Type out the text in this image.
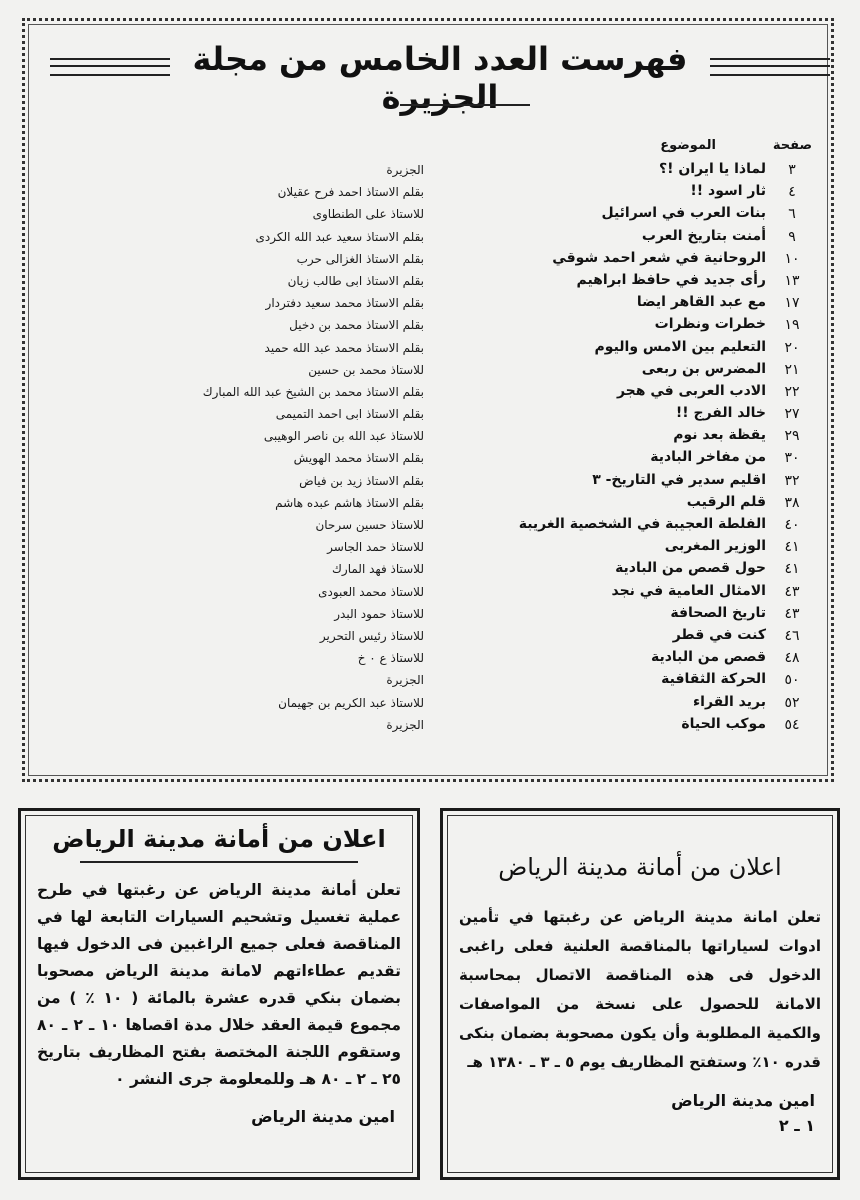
فهرست العدد الخامس من مجلة الجزيرة
صفحة
الموضوع
٣
لماذا يا ايران !؟
الجزيرة
٤
ثار اسود !!
بقلم الاستاذ احمد فرح عقيلان
٦
بنات العرب في اسرائيل
للاستاذ على الطنطاوى
٩
أمنت بتاريخ العرب
بقلم الاستاذ سعيد عبد الله الكردى
١٠
الروحانية في شعر احمد شوقي
بقلم الاستاذ الغزالى حرب
١٣
رأى جديد في حافظ ابراهيم
بقلم الاستاذ ابى طالب زيان
١٧
مع عبد القاهر ايضا
بقلم الاستاذ محمد سعيد دفتردار
١٩
خطرات ونظرات
بقلم الاستاذ محمد بن دخيل
٢٠
التعليم بين الامس واليوم
بقلم الاستاذ محمد عبد الله حميد
٢١
المضرس بن ربعى
للاستاذ محمد بن حسين
٢٢
الادب العربى في هجر
بقلم الاستاذ محمد بن الشيخ عبد الله المبارك
٢٧
خالد الفرج !!
بقلم الاستاذ ابى احمد التميمى
٢٩
يقظة بعد نوم
للاستاذ عبد الله بن ناصر الوهيبى
٣٠
من مفاخر البادية
بقلم الاستاذ محمد الهويش
٣٢
اقليم سدير في التاريخ- ٣
بقلم الاستاذ زيد بن فياض
٣٨
قلم الرقيب
بقلم الاستاذ هاشم عبده هاشم
٤٠
الفلطة العجيبة في الشخصية الغريبة
للاستاذ حسين سرحان
٤١
الوزير المغربى
للاستاذ حمد الجاسر
٤١
حول قصص من البادية
للاستاذ فهد المارك
٤٣
الامثال العامية في نجد
للاستاذ محمد العبودى
٤٣
تاريخ الصحافة
للاستاذ حمود البدر
٤٦
كنت في قطر
للاستاذ رئيس التحرير
٤٨
قصص من البادية
للاستاذ ع ٠ خ
٥٠
الحركة الثقافية
الجزيرة
٥٢
بريد القراء
للاستاذ عبد الكريم بن جهيمان
٥٤
موكب الحياة
الجزيرة
اعلان من أمانة مدينة الرياض
تعلن أمانة مدينة الرياض عن رغبتها في طرح عملية تغسيل وتشحيم السيارات التابعة لها في المناقصة فعلى جميع الراغبين فى الدخول فيها تقديم عطاءاتهم لامانة مدينة الرياض مصحوبا بضمان بنكي قدره عشرة بالمائة ( ١٠ ٪ ) من مجموع قيمة العقد خلال مدة اقصاها ١٠ ـ ٢ ـ ٨٠ وستقوم اللجنة المختصة بفتح المظاريف بتاريخ ٢٥ ـ ٢ ـ ٨٠ هـ وللمعلومة جرى النشر ٠
امين مدينة الرياض
اعلان من أمانة مدينة الرياض
تعلن امانة مدينة الرياض عن رغبتها في تأمين ادوات لسياراتها بالمناقصة العلنية فعلى راغبى الدخول فى هذه المناقصة الاتصال بمحاسبة الامانة للحصول على نسخة من المواصفات والكمية المطلوبة وأن يكون مصحوبة بضمان بنكى قدره ١٠٪ وستفتح المظاريف يوم ٥ ـ ٣ ـ ١٣٨٠ هـ
امين مدينة الرياض
١ ـ ٢
